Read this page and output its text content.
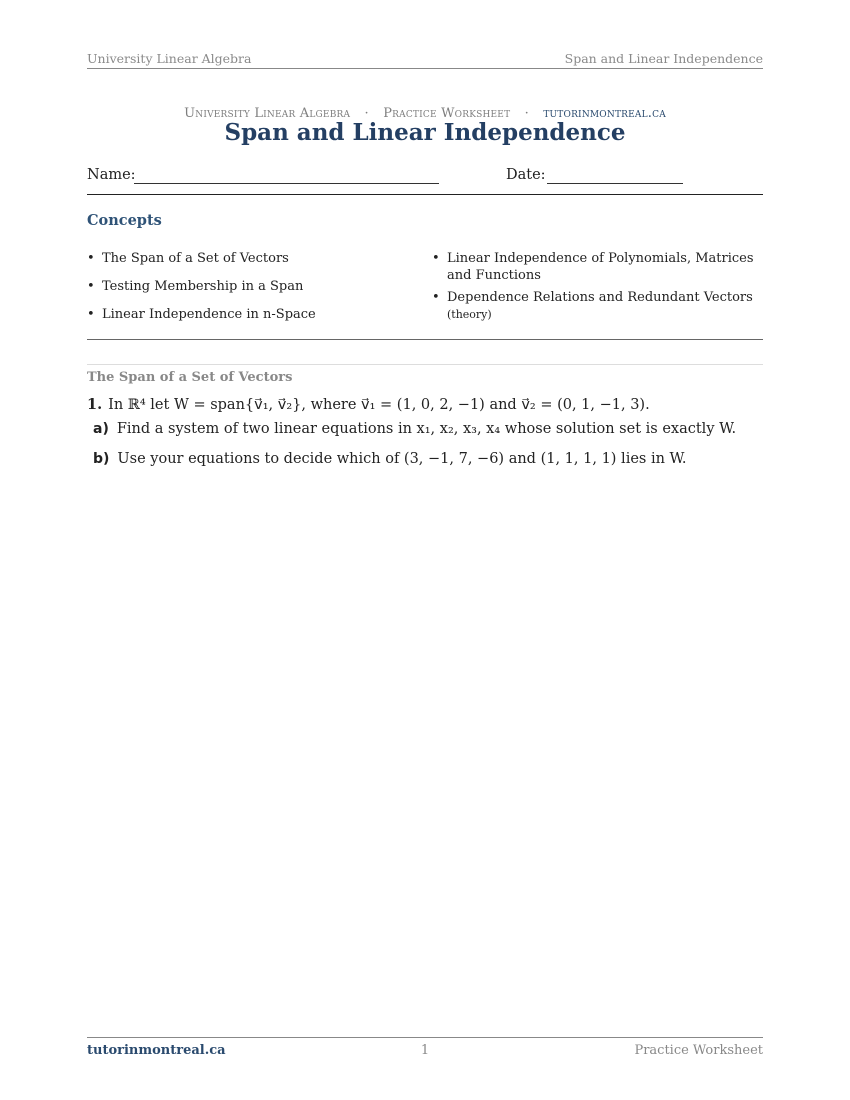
University Linear Algebra	Span and Linear Independence
University Linear Algebra · Practice Worksheet · tutorinmontreal.ca
Span and Linear Independence
Name:	Date:
Concepts
• The Span of a Set of Vectors
• Testing Membership in a Span
• Linear Independence in n-Space
• Linear Independence of Polynomials, Matrices and Functions
• Dependence Relations and Redundant Vectors (theory)
The Span of a Set of Vectors
1. In ℝ⁴ let W = span{v⃗₁, v⃗₂}, where v⃗₁ = (1, 0, 2, −1) and v⃗₂ = (0, 1, −1, 3).
a) Find a system of two linear equations in x₁, x₂, x₃, x₄ whose solution set is exactly W.
b) Use your equations to decide which of (3, −1, 7, −6) and (1, 1, 1, 1) lies in W.
tutorinmontreal.ca	1	Practice Worksheet
